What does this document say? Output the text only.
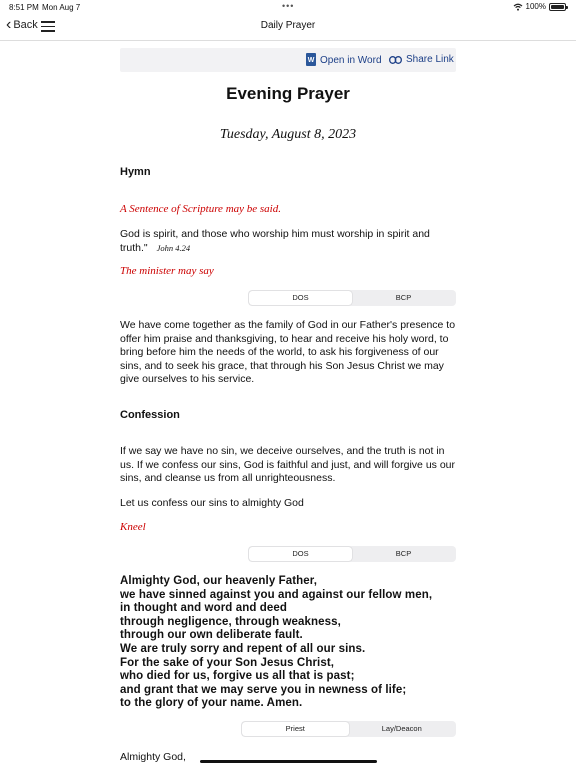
8:51 PM Mon Aug 7	•••	100%
‹ Back	Daily Prayer
W Open in Word Share Link
Evening Prayer
Tuesday, August 8, 2023
Hymn
A Sentence of Scripture may be said.
God is spirit, and those who worship him must worship in spirit and truth." John 4.24
The minister may say
DOS	BCP
We have come together as the family of God in our Father's presence to offer him praise and thanksgiving, to hear and receive his holy word, to bring before him the needs of the world, to ask his forgiveness of our sins, and to seek his grace, that through his Son Jesus Christ we may give ourselves to his service.
Confession
If we say we have no sin, we deceive ourselves, and the truth is not in us. If we confess our sins, God is faithful and just, and will forgive us our sins, and cleanse us from all unrighteousness.
Let us confess our sins to almighty God
Kneel
DOS	BCP
Almighty God, our heavenly Father,
we have sinned against you and against our fellow men,
in thought and word and deed
through negligence, through weakness,
through our own deliberate fault.
We are truly sorry and repent of all our sins.
For the sake of your Son Jesus Christ,
who died for us, forgive us all that is past;
and grant that we may serve you in newness of life;
to the glory of your name. Amen.
Priest	Lay/Deacon
Almighty God,
